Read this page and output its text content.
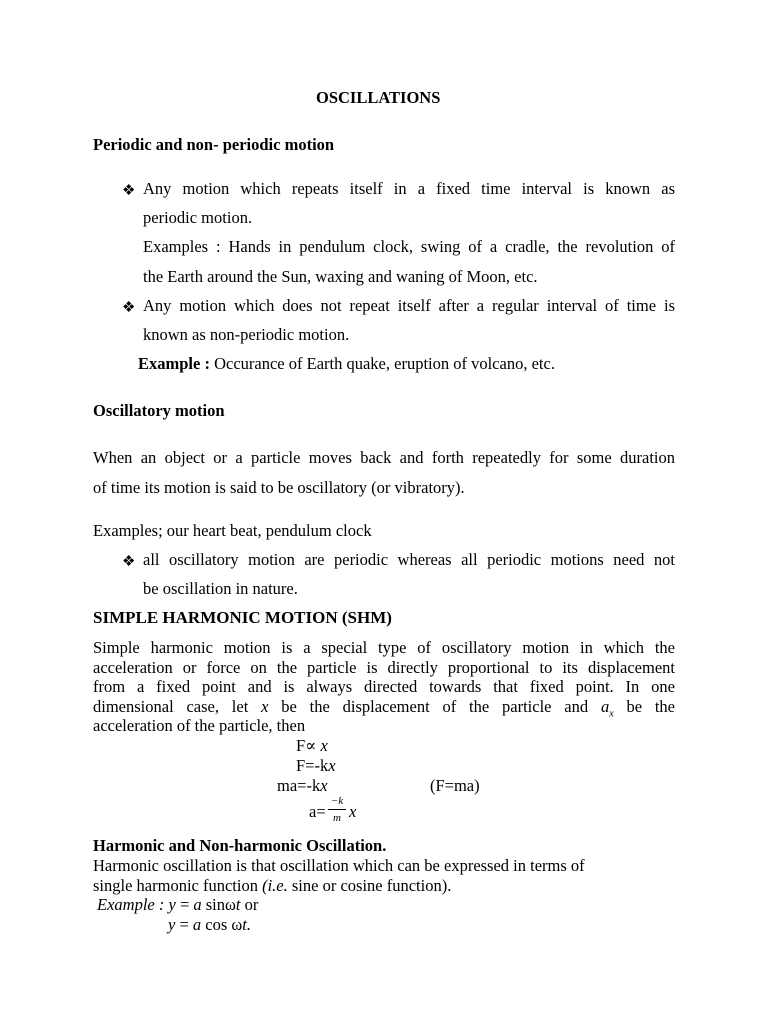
OSCILLATIONS
Periodic and non- periodic motion
❖ Any motion which repeats itself in a fixed time interval is known as
periodic motion.
Examples : Hands in pendulum clock, swing of a cradle, the revolution of
the Earth around the Sun, waxing and waning of Moon, etc.
❖ Any motion which does not repeat itself after a regular interval of time is
known as non-periodic motion.
Example : Occurance of Earth quake, eruption of volcano, etc.
Oscillatory motion
When an object or a particle moves back and forth repeatedly for some duration
of time its motion is said to be oscillatory (or vibratory).
Examples; our heart beat, pendulum clock
❖ all oscillatory motion are periodic whereas all periodic motions need not
be oscillation in nature.
SIMPLE HARMONIC MOTION (SHM)
Simple harmonic motion is a special type of oscillatory motion in which the
acceleration or force on the particle is directly proportional to its displacement
from a fixed point and is always directed towards that fixed point. In one
dimensional case, let x be the displacement of the particle and $a_x$ be the
acceleration of the particle, then
F∝ x
F=-kx
ma=-kx	(F=ma)
a=
−k
m x
Harmonic and Non-harmonic Oscillation.
Harmonic oscillation is that oscillation which can be expressed in terms of
single harmonic function (i.e. sine or cosine function).
Example : y = a sinωt or
y = a cos ωt.
